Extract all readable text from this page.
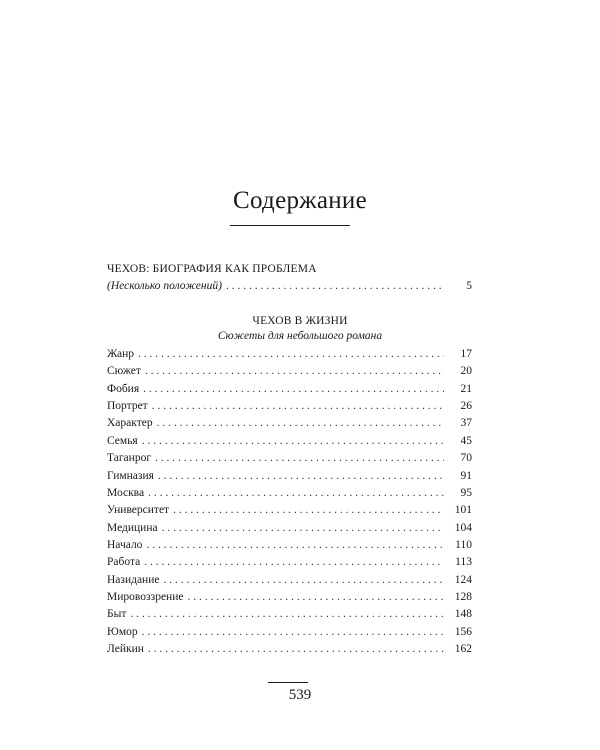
Содержание
ЧЕХОВ: БИОГРАФИЯ КАК ПРОБЛЕМА
(Несколько положений) . . .	5
ЧЕХОВ В ЖИЗНИ
Сюжеты для небольшого романа
Жанр . . .	17
Сюжет . . .	20
Фобия . . .	21
Портрет . . .	26
Характер . . .	37
Семья . . .	45
Таганрог . . .	70
Гимназия . . .	91
Москва . . .	95
Университет . . .	101
Медицина . . .	104
Начало . . .	110
Работа . . .	113
Назидание . . .	124
Мировоззрение . . .	128
Быт . . .	148
Юмор . . .	156
Лейкин . . .	162
539
